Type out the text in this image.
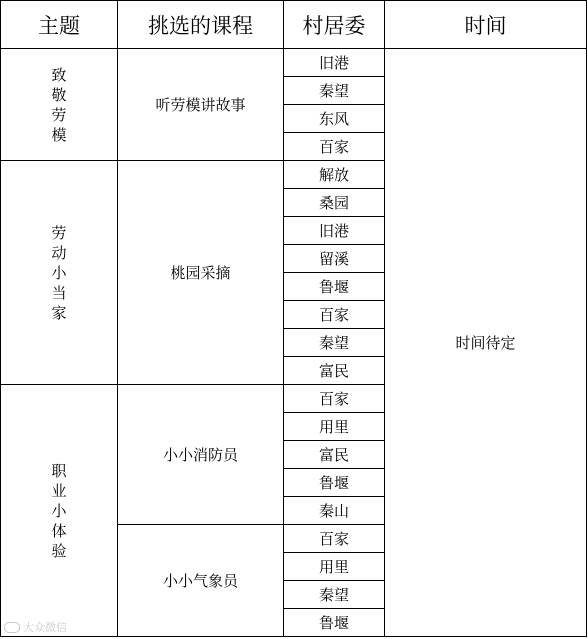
主题	挑选的课程	村居委	时间

致敬劳模	听劳模讲故事	旧港	时间待定
		秦望	
		东风	
		百家	

劳动小当家	桃园采摘	解放	
		桑园	
		旧港	
		留溪	
		鲁堰	
		百家	
		秦望	
		富民	

职业小体验	小小消防员	百家	
		用里	
		富民	
		鲁堰	
		秦山	
	小小气象员	百家	
		用里	
		秦望	
		鲁堰	
大众微信
